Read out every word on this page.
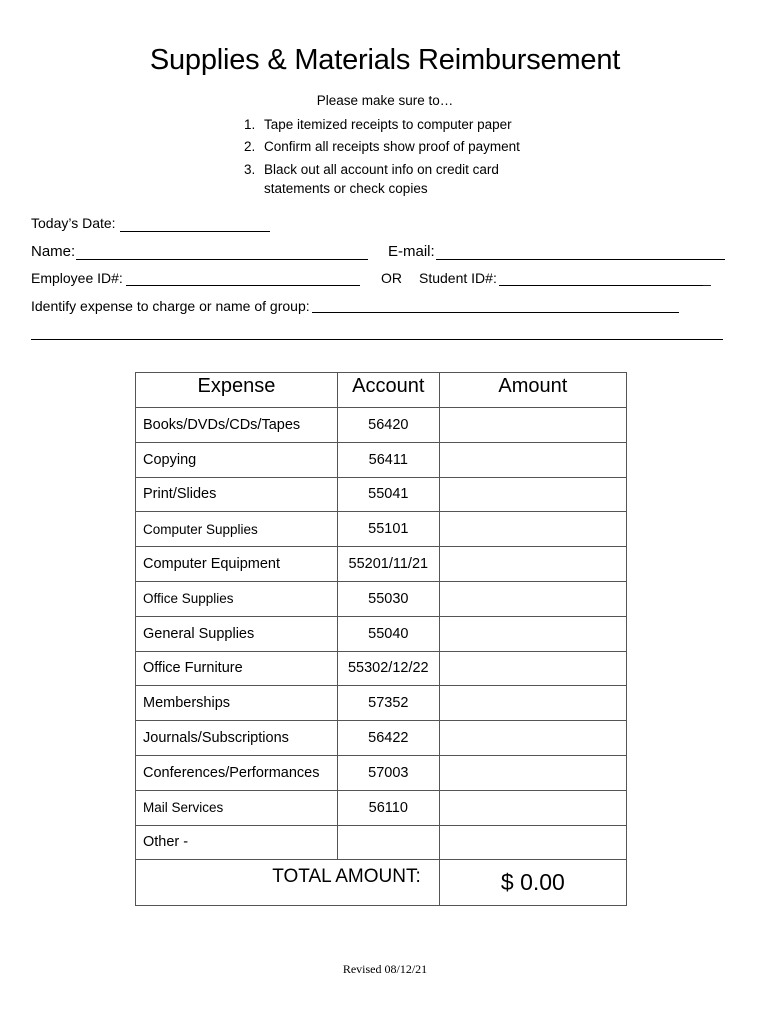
Supplies & Materials Reimbursement
Please make sure to…
1. Tape itemized receipts to computer paper
2. Confirm all receipts show proof of payment
3. Black out all account info on credit card
statements or check copies
Today’s Date:
Name:	E-mail:
Employee ID#:	OR Student ID#:	_
Identify expense to charge or name of group:
Expense	Account	Amount
Books/DVDs/CDs/Tapes	56420	
Copying	56411	
Print/Slides	55041	
Computer Supplies	55101	
Computer Equipment	55201/11/21	
Office Supplies	55030	
General Supplies	55040	
Office Furniture	55302/12/22	
Memberships	57352	
Journals/Subscriptions	56422	
Conferences/Performances	57003	
Mail Services	56110	
Other -		
TOTAL AMOUNT:		$ 0.00
Revised 08/12/21
